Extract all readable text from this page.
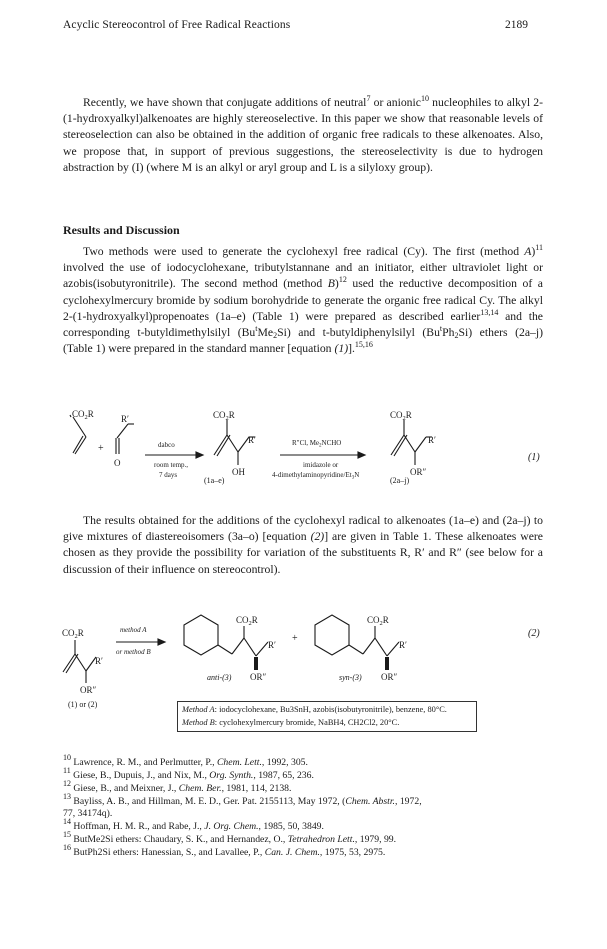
Acyclic Stereocontrol of Free Radical Reactions	2189

Recently, we have shown that conjugate additions of neutral$^7$ or anionic$^{10}$ nucleophiles to alkyl 2-(1-hydroxyalkyl)alkenoates are highly stereoselective. In this paper we show that reasonable levels of stereoselection can also be obtained in the addition of organic free radicals to these alkenoates. Also, we propose that, in support of previous suggestions, the stereoselectivity is due to hydrogen abstraction by (I) (where M is an alkyl or aryl group and L is a silyloxy group).

Results and Discussion

Two methods were used to generate the cyclohexyl free radical (Cy). The first (method A)$^{11}$ involved the use of iodocyclohexane, tributylstannane and an initiator, either ultraviolet light or azobis(isobutyronitrile). The second method (method B)$^{12}$ used the reductive decomposition of a cyclohexylmercury bromide by sodium borohydride to generate the organic free radical Cy. The alkyl 2-(1-hydroxyalkyl)propenoates (1a–e) (Table 1) were prepared as described earlier$^{13,14}$ and the corresponding t-butyldimethylsilyl $(Bu^tMe_2Si)$ and t-butyldiphenylsilyl $(Bu^tPh_2Si)$ ethers (2a–j) (Table 1) were prepared in the standard manner [equation (1)].$^{15,16}$

$CO_2R$
+
R′
O
dabco
room temp.,
7 days
$CO_2R$
R′
OH
(1a–e)
R″Cl, $Me_2NCHO$
imidazole or
$4-dimethylaminopyridine/Et_3N$
$CO_2R$
R′
OR″
(2a–j)
(1)
$CO_2R$
R′
OR″
(1) or (2)
method A
or method B
$CO_2R$
R′
OR″
anti-(3)
+
$CO_2R$
R′
OR″
syn-(3)
(2)

The results obtained for the additions of the cyclohexyl radical to alkenoates (1a–e) and (2a–j) to give mixtures of diastereoisomers (3a–o) [equation (2)] are given in Table 1. These alkenoates were chosen as they provide the possibility for variation of the substituents R, R′ and R″ (see below for a discussion of their influence on stereocontrol).

Method A: iodocyclohexane, Bu3SnH, azobis(isobutyronitrile), benzene, 80°C.
Method B: cyclohexylmercury bromide, NaBH4, CH2Cl2, 20°C.
$^{10}$ Lawrence, R. M., and Perlmutter, P., Chem. Lett., 1992, 305.
$^{11}$ Giese, B., Dupuis, J., and Nix, M., Org. Synth., 1987, 65, 236.
$^{12}$ Giese, B., and Meixner, J., Chem. Ber., 1981, 114, 2138.
$^{13}$ Bayliss, A. B., and Hillman, M. E. D., Ger. Pat. 2155113, May 1972, (Chem. Abstr., 1972,
77, 34174q).
$^{14}$ Hoffman, H. M. R., and Rabe, J., J. Org. Chem., 1985, 50, 3849.
$^{15}$ ButMe2Si ethers: Chaudary, S. K., and Hernandez, O., Tetrahedron Lett., 1979, 99.
$^{16}$ ButPh2Si ethers: Hanessian, S., and Lavallee, P., Can. J. Chem., 1975, 53, 2975.
